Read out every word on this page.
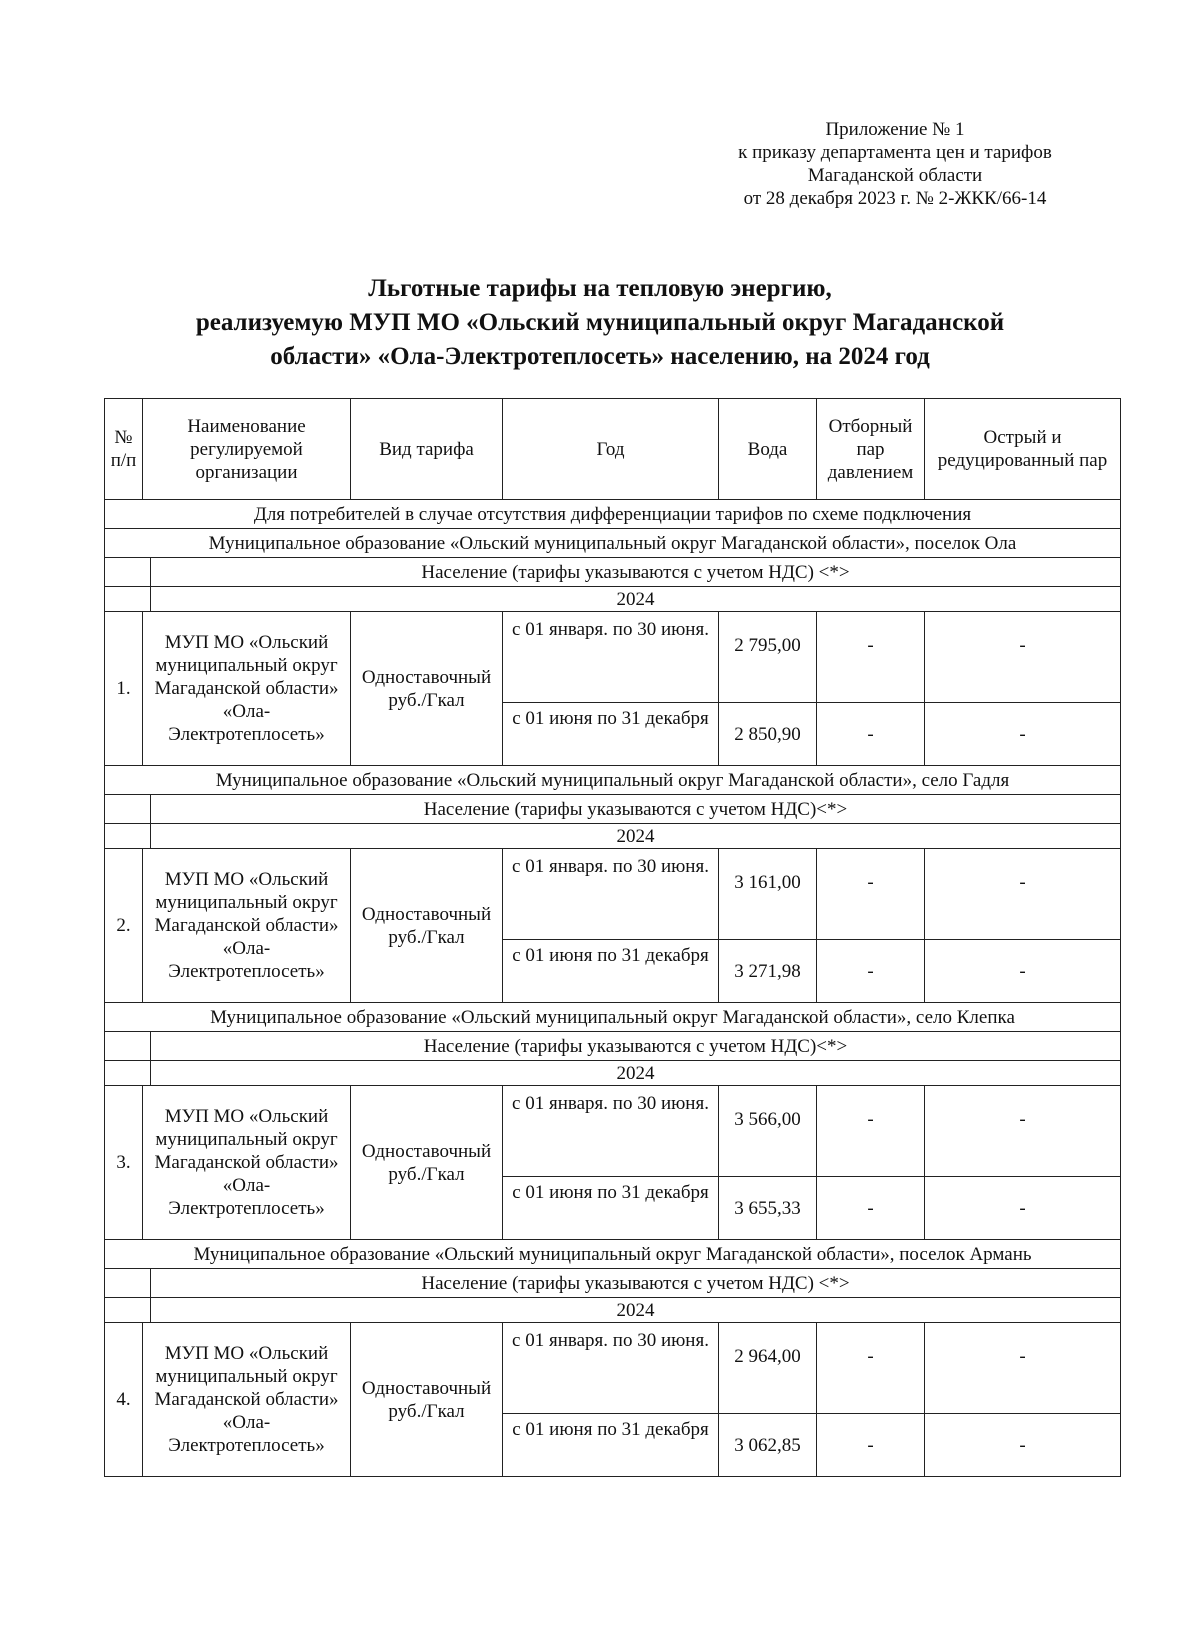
Приложение № 1
к приказу департамента цен и тарифов
Магаданской области
от 28 декабря 2023 г. № 2-ЖКК/66-14
Льготные тарифы на тепловую энергию,
реализуемую МУП МО «Ольский муниципальный округ Магаданской
области» «Ола-Электротеплосеть» населению, на 2024 год
№ п/п	Наименование регулируемой организации		Вид тарифа	Год	Вода	Отборный пар давлением	Острый и редуцированный пар
Для потребителей в случае отсутствия дифференциации тарифов по схеме подключения							
Муниципальное образование «Ольский муниципальный округ Магаданской области», поселок Ола							
		Население (тарифы указываются с учетом НДС) <*>					
		2024					
1.	МУП МО «Ольский муниципальный округ Магаданской области» «Ола-Электротеплосеть»		Одноставочный руб./Гкал	с 01 января. по 30 июня.	2 795,00	-	-
				с 01 июня по 31 декабря	2 850,90	-	-
Муниципальное образование «Ольский муниципальный округ Магаданской области», село Гадля							
		Население (тарифы указываются с учетом НДС)<*>					
		2024					
2.	МУП МО «Ольский муниципальный округ Магаданской области» «Ола-Электротеплосеть»		Одноставочный руб./Гкал	с 01 января. по 30 июня.	3 161,00	-	-
				с 01 июня по 31 декабря	3 271,98	-	-
Муниципальное образование «Ольский муниципальный округ Магаданской области», село Клепка							
		Население (тарифы указываются с учетом НДС)<*>					
		2024					
3.	МУП МО «Ольский муниципальный округ Магаданской области» «Ола-Электротеплосеть»		Одноставочный руб./Гкал	с 01 января. по 30 июня.	3 566,00	-	-
				с 01 июня по 31 декабря	3 655,33	-	-
Муниципальное образование «Ольский муниципальный округ Магаданской области», поселок Армань							
		Население (тарифы указываются с учетом НДС) <*>					
		2024					
4.	МУП МО «Ольский муниципальный округ Магаданской области» «Ола-Электротеплосеть»		Одноставочный руб./Гкал	с 01 января. по 30 июня.	2 964,00	-	-
				с 01 июня по 31 декабря	3 062,85	-	-
